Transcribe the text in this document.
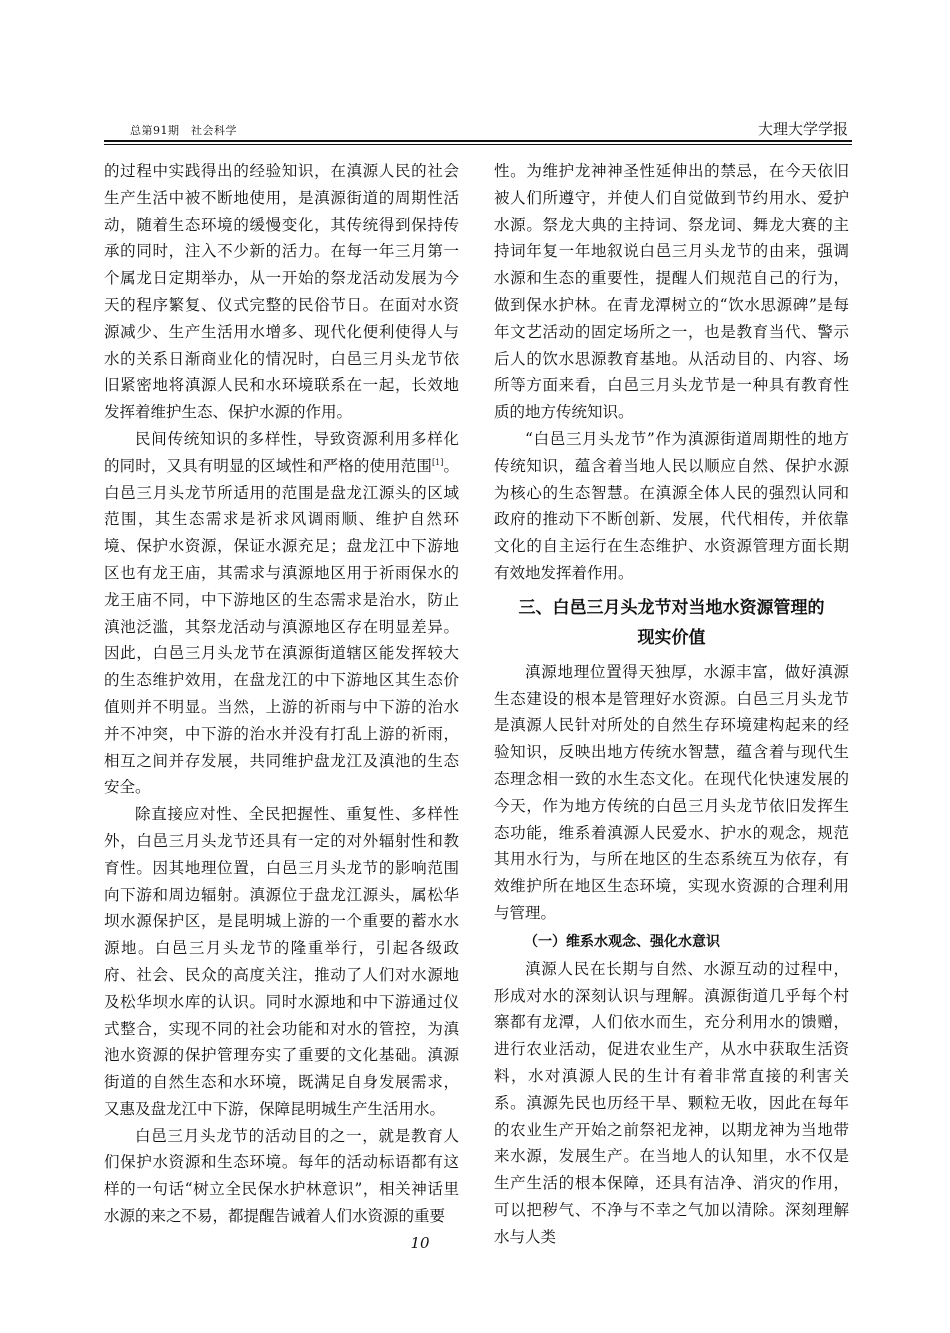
总第91期　社会科学	大理大学学报

的过程中实践得出的经验知识，在滇源人民的社会生产生活中被不断地使用，是滇源街道的周期性活动，随着生态环境的缓慢变化，其传统得到保持传承的同时，注入不少新的活力。在每一年三月第一个属龙日定期举办，从一开始的祭龙活动发展为今天的程序繁复、仪式完整的民俗节日。在面对水资源减少、生产生活用水增多、现代化便利使得人与水的关系日渐商业化的情况时，白邑三月头龙节依旧紧密地将滇源人民和水环境联系在一起，长效地发挥着维护生态、保护水源的作用。

民间传统知识的多样性，导致资源利用多样化的同时，又具有明显的区域性和严格的使用范围[1]。白邑三月头龙节所适用的范围是盘龙江源头的区域范围，其生态需求是祈求风调雨顺、维护自然环境、保护水资源，保证水源充足；盘龙江中下游地区也有龙王庙，其需求与滇源地区用于祈雨保水的龙王庙不同，中下游地区的生态需求是治水，防止滇池泛滥，其祭龙活动与滇源地区存在明显差异。因此，白邑三月头龙节在滇源街道辖区能发挥较大的生态维护效用，在盘龙江的中下游地区其生态价值则并不明显。当然，上游的祈雨与中下游的治水并不冲突，中下游的治水并没有打乱上游的祈雨，相互之间并存发展，共同维护盘龙江及滇池的生态安全。

除直接应对性、全民把握性、重复性、多样性外，白邑三月头龙节还具有一定的对外辐射性和教育性。因其地理位置，白邑三月头龙节的影响范围向下游和周边辐射。滇源位于盘龙江源头，属松华坝水源保护区，是昆明城上游的一个重要的蓄水水源地。白邑三月头龙节的隆重举行，引起各级政府、社会、民众的高度关注，推动了人们对水源地及松华坝水库的认识。同时水源地和中下游通过仪式整合，实现不同的社会功能和对水的管控，为滇池水资源的保护管理夯实了重要的文化基础。滇源街道的自然生态和水环境，既满足自身发展需求，又惠及盘龙江中下游，保障昆明城生产生活用水。

白邑三月头龙节的活动目的之一，就是教育人们保护水资源和生态环境。每年的活动标语都有这样的一句话“树立全民保水护林意识”，相关神话里水源的来之不易，都提醒告诫着人们水资源的重要

性。为维护龙神神圣性延伸出的禁忌，在今天依旧被人们所遵守，并使人们自觉做到节约用水、爱护水源。祭龙大典的主持词、祭龙词、舞龙大赛的主持词年复一年地叙说白邑三月头龙节的由来，强调水源和生态的重要性，提醒人们规范自己的行为，做到保水护林。在青龙潭树立的“饮水思源碑”是每年文艺活动的固定场所之一，也是教育当代、警示后人的饮水思源教育基地。从活动目的、内容、场所等方面来看，白邑三月头龙节是一种具有教育性质的地方传统知识。

“白邑三月头龙节”作为滇源街道周期性的地方传统知识，蕴含着当地人民以顺应自然、保护水源为核心的生态智慧。在滇源全体人民的强烈认同和政府的推动下不断创新、发展，代代相传，并依靠文化的自主运行在生态维护、水资源管理方面长期有效地发挥着作用。

三、白邑三月头龙节对当地水资源管理的
现实价值

滇源地理位置得天独厚，水源丰富，做好滇源生态建设的根本是管理好水资源。白邑三月头龙节是滇源人民针对所处的自然生存环境建构起来的经验知识，反映出地方传统水智慧，蕴含着与现代生态理念相一致的水生态文化。在现代化快速发展的今天，作为地方传统的白邑三月头龙节依旧发挥生态功能，维系着滇源人民爱水、护水的观念，规范其用水行为，与所在地区的生态系统互为依存，有效维护所在地区生态环境，实现水资源的合理利用与管理。

（一）维系水观念、强化水意识

滇源人民在长期与自然、水源互动的过程中，形成对水的深刻认识与理解。滇源街道几乎每个村寨都有龙潭，人们依水而生，充分利用水的馈赠，进行农业活动，促进农业生产，从水中获取生活资料，水对滇源人民的生计有着非常直接的利害关系。滇源先民也历经干旱、颗粒无收，因此在每年的农业生产开始之前祭祀龙神，以期龙神为当地带来水源，发展生产。在当地人的认知里，水不仅是生产生活的根本保障，还具有洁净、消灾的作用，可以把秽气、不净与不幸之气加以清除。深刻理解水与人类

10
